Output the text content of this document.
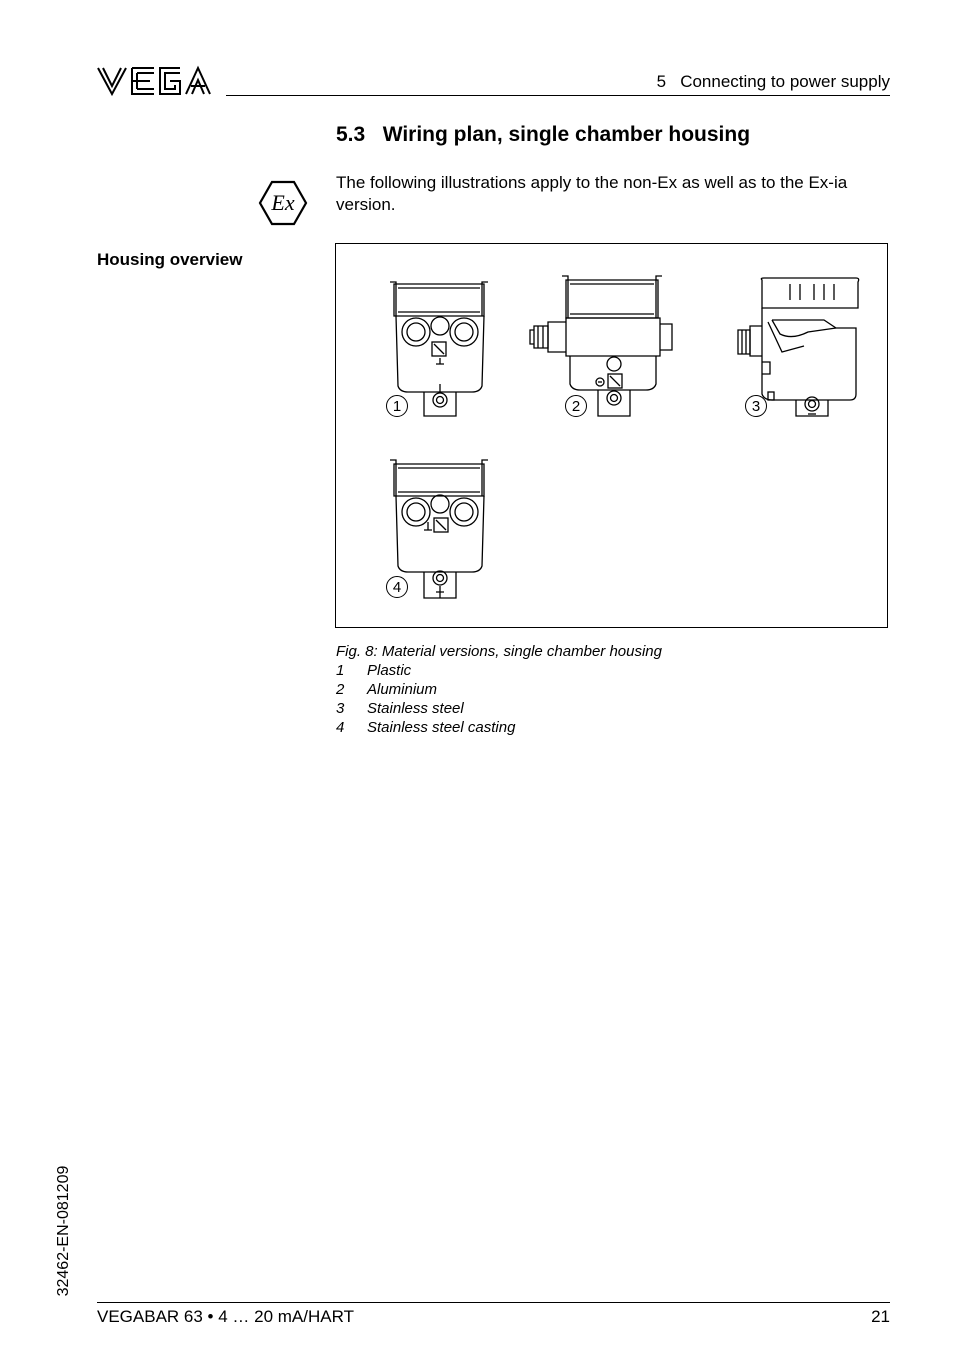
5   Connecting to power supply
5.3   Wiring plan, single chamber housing
Ex
The following illustrations apply to the non-Ex as well as to the Ex-ia version.
Housing overview
1	2	3
4
Fig. 8: Material versions, single chamber housing
1	Plastic
2	Aluminium
3	Stainless steel
4	Stainless steel casting
32462-EN-081209
VEGABAR 63 • 4 … 20 mA/HART	21
